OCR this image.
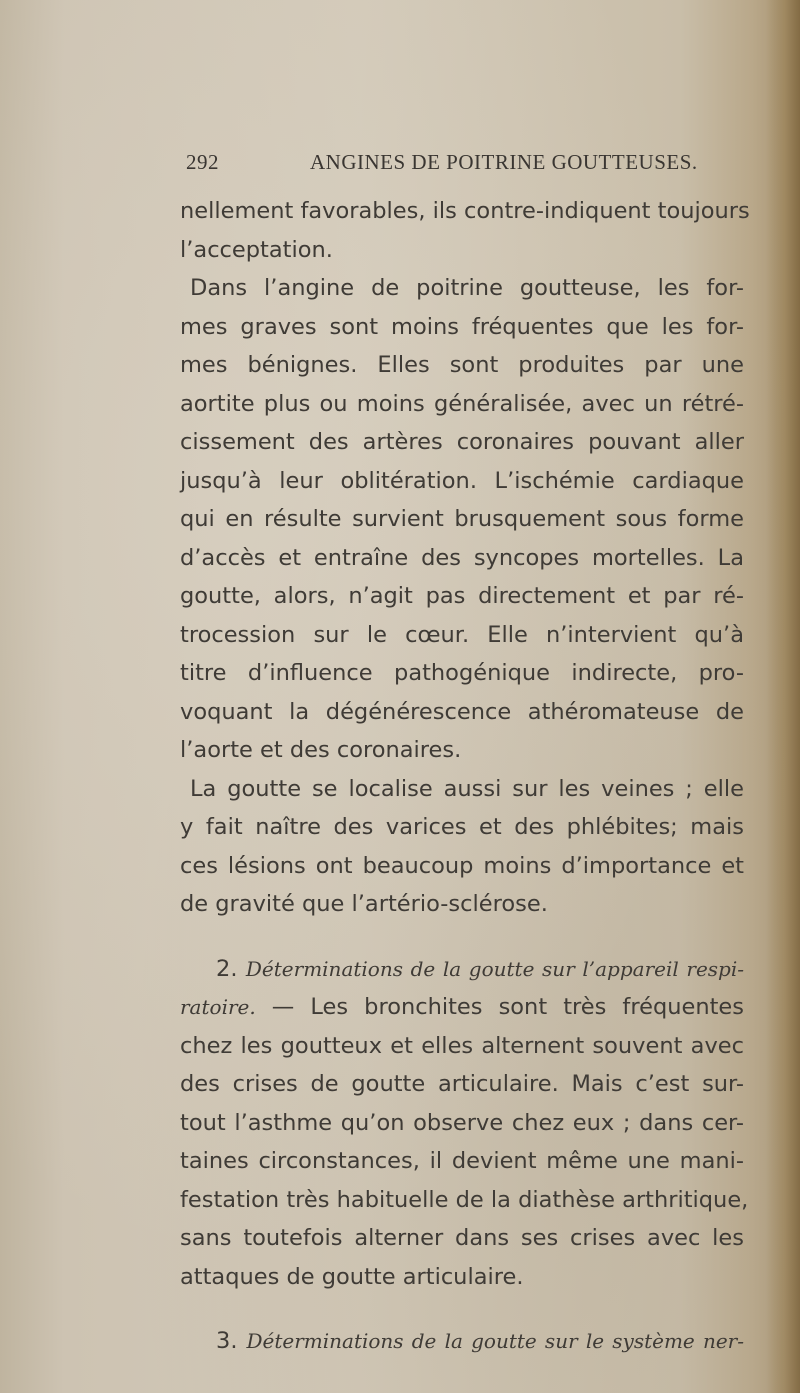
292	ANGINES DE POITRINE GOUTTEUSES.
nellement favorables, ils contre-indiquent toujours
l’acceptation.
Dans l’angine de poitrine goutteuse, les for-
mes graves sont moins fréquentes que les for-
mes bénignes. Elles sont produites par une
aortite plus ou moins généralisée, avec un rétré-
cissement des artères coronaires pouvant aller
jusqu’à leur oblitération. L’ischémie cardiaque
qui en résulte survient brusquement sous forme
d’accès et entraîne des syncopes mortelles. La
goutte, alors, n’agit pas directement et par ré-
trocession sur le cœur. Elle n’intervient qu’à
titre d’influence pathogénique indirecte, pro-
voquant la dégénérescence athéromateuse de
l’aorte et des coronaires.
La goutte se localise aussi sur les veines ; elle
y fait naître des varices et des phlébites; mais
ces lésions ont beaucoup moins d’importance et
de gravité que l’artério-sclérose.
2. Déterminations de la goutte sur l’appareil respi-
ratoire. — Les bronchites sont très fréquentes
chez les goutteux et elles alternent souvent avec
des crises de goutte articulaire. Mais c’est sur-
tout l’asthme qu’on observe chez eux ; dans cer-
taines circonstances, il devient même une mani-
festation très habituelle de la diathèse arthritique,
sans toutefois alterner dans ses crises avec les
attaques de goutte articulaire.
3. Déterminations de la goutte sur le système ner-
